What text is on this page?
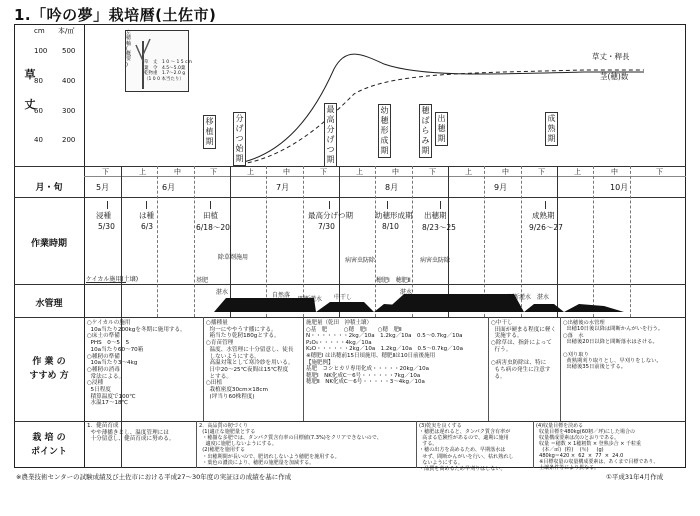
1.「吟の夢」栽培暦(土佐市)
草
丈
月・旬
作業時期
水管理
作 業 の
すすめ 方
栽 培 の
ポイント
cm 本/㎡
100
80
60
40
500
400
300
200
左
穂
軸
(
概
要
)	草　丈　1 0 ～ 1 5 cm
葉　令　4.5～5.0葉
乾物重　1.7～2.0 g
（1 0 0 本当たり）
草丈・稈長
茎(穂)数
移
植
期
分
げ
つ
始
期
最
高
分
げ
つ
期
幼
穂
形
成
期
穂
ば
ら
み
期
出
穂
期
成
熟
期
下	上	中	下	上	中	下	上	中	下	上	中	下	上	中	下
5月	6月	7月	8月	9月	10月
浸種
5/30
は種
6/3
田植
6/18～20
最高分げつ期
7/30
幼穂形成期
8/10
出穂期
8/23～25
成熟期
9/26～27
ケイカル施用(土壌)	基肥
除草剤施用	病害虫防除	病害虫防除
穂肥Ⅰ　穂肥Ⅱ
湛水	自然落
間断灌水 中干し
湛水
間断灌水 湛水
○ケイカルの施用
10a当たり200kgを冬期に施用する。
○床土の準備
PHS　0～5　5
10a当たり60～70箱
○種籾の準備
10a当たり3～4kg
○種籾の消毒
常法による。
○浸種
5日程度
積算温度で100℃
水温17～18℃
○播種量
均一にややうす播にする。
箱当たり乾籾180gとする。
○育苗管理
温度、水管理に十分留意し、徒長
しないようにする。
高温対策として寒冷紗を用いる。
日中20～25℃夜間は15℃程度
とする。
○田植
栽植密度30cm×18cm
(坪当り60株程度)
施肥量（乾田　沖積土壌）
○基　肥　　　○穂　肥Ⅰ　　○穂　肥Ⅱ
N・・・・・・・2kg／10a　1.2kg／10a　0.5～0.7kg／10a
P₂O₅・・・・・4kg／10a
K₂O・・・・・・2kg／10a　1.2kg／10a　0.5～0.7kg／10a
※穂肥Ⅰ は出穂前15日頃施用、穂肥Ⅱは10日前後施用
【施肥例】
基肥　コシヒカリ専用化成・・・・・20kg／10a
穂肥Ⅰ　NK化成C－6号・・・・・・7kg／10a
穂肥Ⅱ　NK化成C－6号・・・・・3～4kg／10a
○中干し
田面が硬まる程度に軽く
実施する。
○除草は、指針によって
行う。

○病害虫防除は、特に
もち病の発生に注意す
る。
○出穂後の水管理
出穂10日後以降は間断かんがいを行う。
○落　水
出穂後20日以降と間断落水はさける。

○刈り取り
黄熟期刈り取りとし、早刈りをしない。
出穂後35日前後とする。
1．健苗育成
やや薄播きとし、温度管理には
十分留意し、健苗育成に努める。
2．高品質の籾づくり
(1)適正な施肥量とする
・穂揃な多肥では、タンパク質含有率の目標値(7.3%)をクリアできないので、
適度に施肥しないようにする。
(2)穂肥を施用する
・出穂期間が長いので、肥切れしないよう穂肥を施用する。
・葉色の濃淡により、穂肥の施肥量を加減する。
(3)乾実を良くする
・穂肥は遅れると、タンパク質含有率が
高まる危険性があるので、適期に施用
する。
・穂の出方を高めるため、早期落水は
せず、間断かんがいを行い、枯れ熟れし
ないようにする。
・品質を高めるため早刈りはしない。
(4)収量目標を決める
収量目標を480kg(60籾／坪)にした場合の
収量構成要素は次のとおりである。
収量 ＝穂数 × 1穂籾数 × 登熟歩合 × 千粒重
(本／㎡)  (粒)    (％)     (g)
480kg＝420 ×  62  ×  77  ×  24.0
※目標収量の収量構成要素は、あくまで目標であり、
土壌条件等により異なる。
※農業技術センターの試験成績及び土佐市における平成27～30年度の実証ほの成績を基に作成	①平成31年4月作成
